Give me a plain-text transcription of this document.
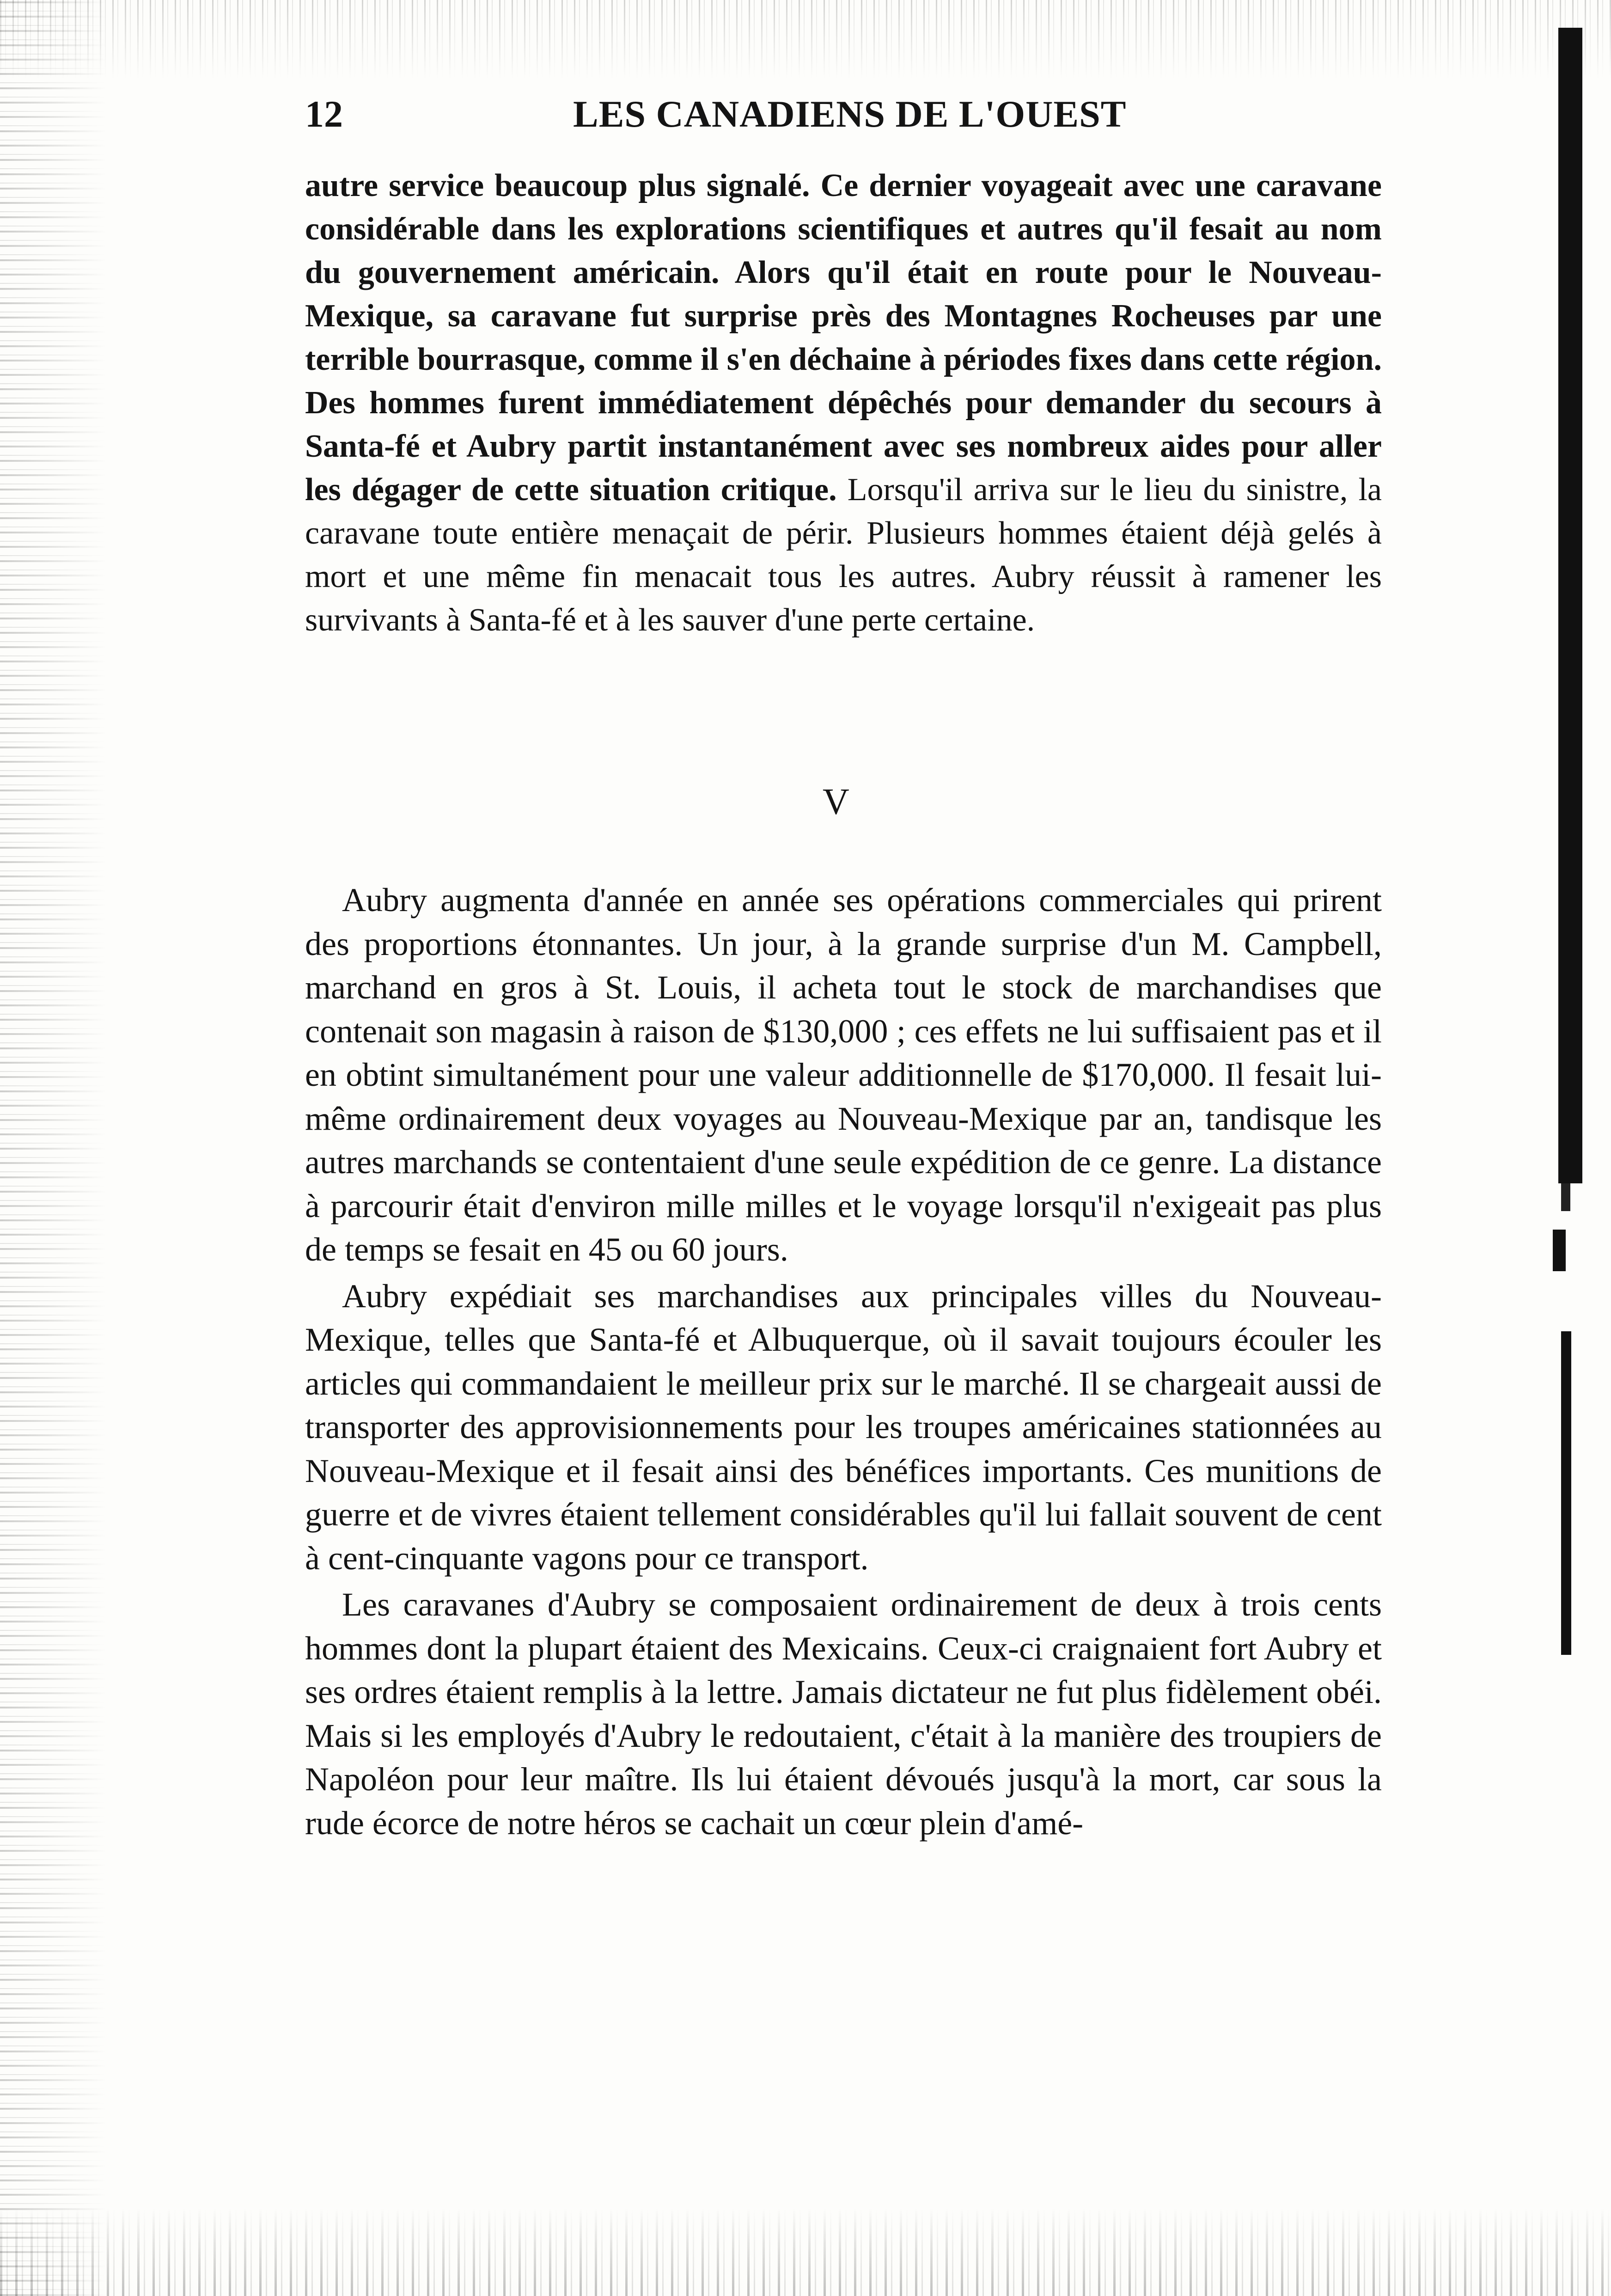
12	LES CANADIENS DE L'OUEST

autre service beaucoup plus signalé. Ce dernier voyageait avec une caravane considérable dans les explorations scientifiques et autres qu'il fesait au nom du gouvernement américain. Alors qu'il était en route pour le Nouveau-Mexique, sa caravane fut surprise près des Montagnes Rocheuses par une terrible bourrasque, comme il s'en déchaine à périodes fixes dans cette région. Des hommes furent immédiatement dépêchés pour demander du secours à Santa-fé et Aubry partit instantanément avec ses nombreux aides pour aller les dégager de cette situation critique. Lorsqu'il arriva sur le lieu du sinistre, la caravane toute entière menaçait de périr. Plusieurs hommes étaient déjà gelés à mort et une même fin menacait tous les autres. Aubry réussit à ramener les survivants à Santa-fé et à les sauver d'une perte certaine.

V

Aubry augmenta d'année en année ses opérations commerciales qui prirent des proportions étonnantes. Un jour, à la grande surprise d'un M. Campbell, marchand en gros à St. Louis, il acheta tout le stock de marchandises que contenait son magasin à raison de $130,000 ; ces effets ne lui suffisaient pas et il en obtint simultanément pour une valeur additionnelle de $170,000. Il fesait lui-même ordinairement deux voyages au Nouveau-Mexique par an, tandisque les autres marchands se contentaient d'une seule expédition de ce genre. La distance à parcourir était d'environ mille milles et le voyage lorsqu'il n'exigeait pas plus de temps se fesait en 45 ou 60 jours.

Aubry expédiait ses marchandises aux principales villes du Nouveau-Mexique, telles que Santa-fé et Albuquerque, où il savait toujours écouler les articles qui commandaient le meilleur prix sur le marché. Il se chargeait aussi de transporter des approvisionnements pour les troupes américaines stationnées au Nouveau-Mexique et il fesait ainsi des bénéfices importants. Ces munitions de guerre et de vivres étaient tellement considérables qu'il lui fallait souvent de cent à cent-cinquante vagons pour ce transport.

Les caravanes d'Aubry se composaient ordinairement de deux à trois cents hommes dont la plupart étaient des Mexicains. Ceux-ci craignaient fort Aubry et ses ordres étaient remplis à la lettre. Jamais dictateur ne fut plus fidèlement obéi. Mais si les employés d'Aubry le redoutaient, c'était à la manière des troupiers de Napoléon pour leur maître. Ils lui étaient dévoués jusqu'à la mort, car sous la rude écorce de notre héros se cachait un cœur plein d'amé-
